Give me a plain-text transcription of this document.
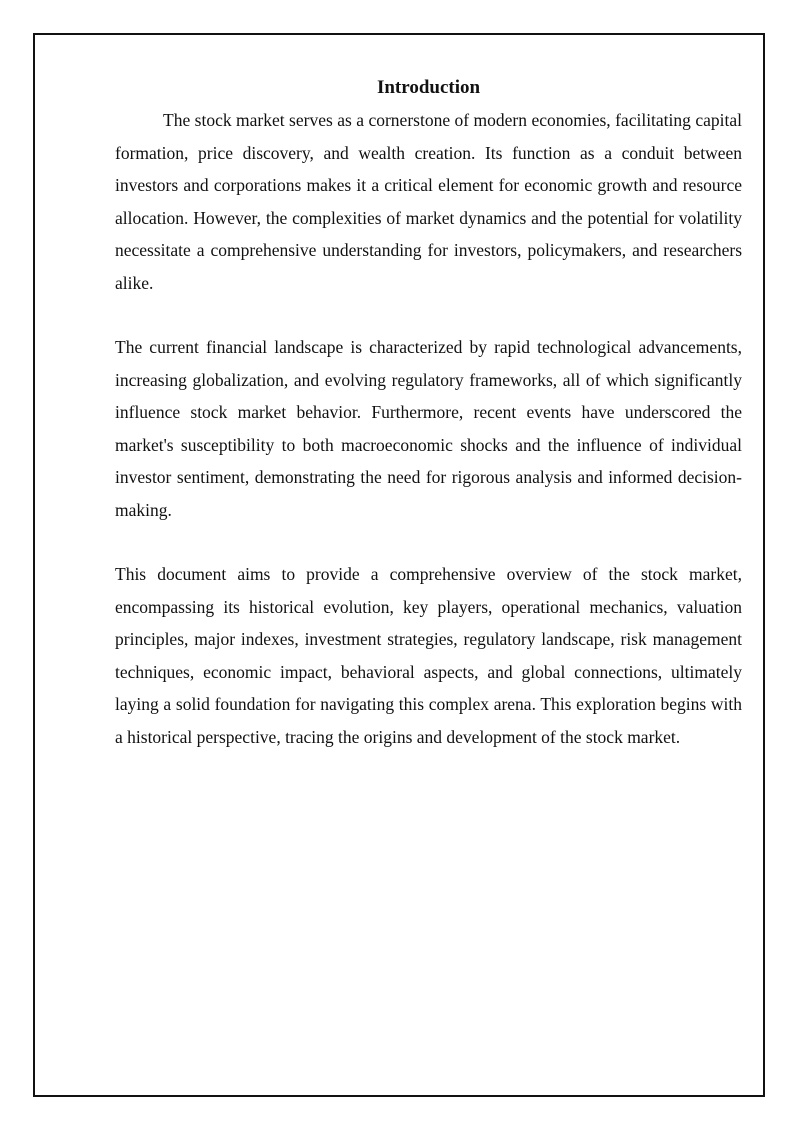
Introduction

The stock market serves as a cornerstone of modern economies, facilitating capital formation, price discovery, and wealth creation. Its function as a conduit between investors and corporations makes it a critical element for economic growth and resource allocation. However, the complexities of market dynamics and the potential for volatility necessitate a comprehensive understanding for investors, policymakers, and researchers alike.

The current financial landscape is characterized by rapid technological advancements, increasing globalization, and evolving regulatory frameworks, all of which significantly influence stock market behavior. Furthermore, recent events have underscored the market's susceptibility to both macroeconomic shocks and the influence of individual investor sentiment, demonstrating the need for rigorous analysis and informed decision-making.

This document aims to provide a comprehensive overview of the stock market, encompassing its historical evolution, key players, operational mechanics, valuation principles, major indexes, investment strategies, regulatory landscape, risk management techniques, economic impact, behavioral aspects, and global connections, ultimately laying a solid foundation for navigating this complex arena. This exploration begins with a historical perspective, tracing the origins and development of the stock market.
